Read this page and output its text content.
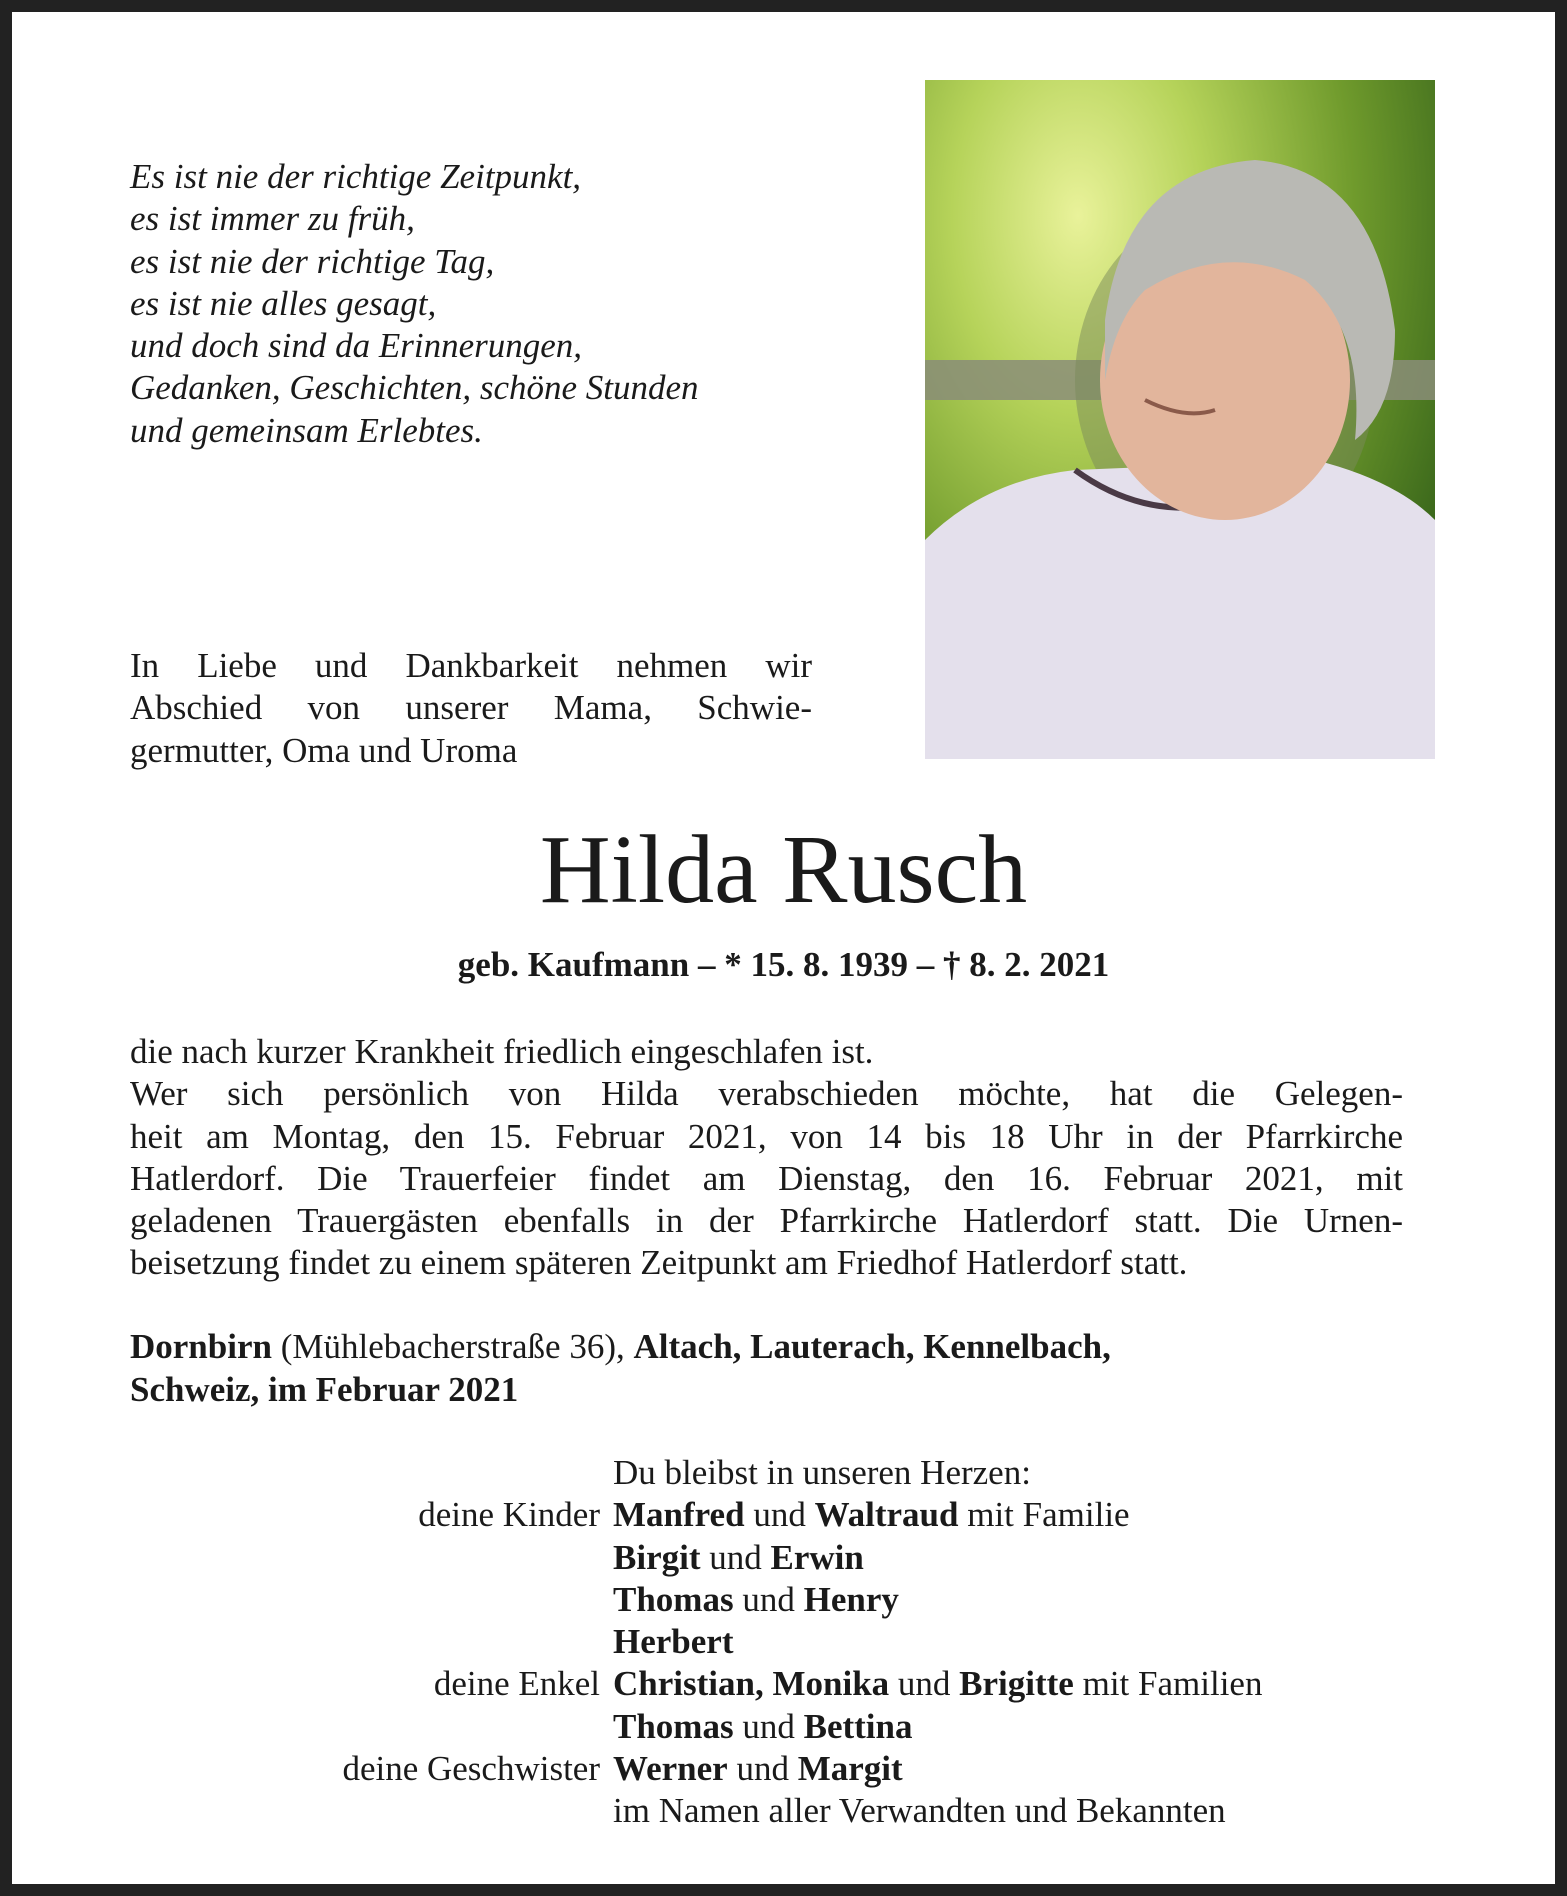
Es ist nie der richtige Zeitpunkt,
es ist immer zu früh,
es ist nie der richtige Tag,
es ist nie alles gesagt,
und doch sind da Erinnerungen,
Gedanken, Geschichten, schöne Stunden
und gemeinsam Erlebtes.
In Liebe und Dankbarkeit nehmen wir
Abschied von unserer Mama, Schwie-
germutter, Oma und Uroma
Hilda Rusch
geb. Kaufmann – * 15. 8. 1939 – † 8. 2. 2021
die nach kurzer Krankheit friedlich eingeschlafen ist.
Wer sich persönlich von Hilda verabschieden möchte, hat die Gelegen-
heit am Montag, den 15. Februar 2021, von 14 bis 18 Uhr in der Pfarrkirche
Hatlerdorf. Die Trauerfeier findet am Dienstag, den 16. Februar 2021, mit
geladenen Trauergästen ebenfalls in der Pfarrkirche Hatlerdorf statt. Die Urnen-
beisetzung findet zu einem späteren Zeitpunkt am Friedhof Hatlerdorf statt.
Dornbirn (Mühlebacherstraße 36), Altach, Lauterach, Kennelbach,
Schweiz, im Februar 2021
Du bleibst in unseren Herzen:
deine Kinder Manfred und Waltraud mit Familie
Birgit und Erwin
Thomas und Henry
Herbert
deine Enkel Christian, Monika und Brigitte mit Familien
Thomas und Bettina
deine Geschwister Werner und Margit
im Namen aller Verwandten und Bekannten
